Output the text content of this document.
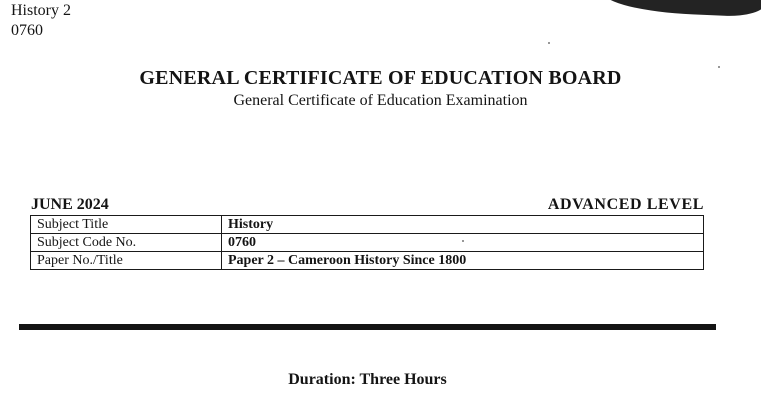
History 2
0760
GENERAL CERTIFICATE OF EDUCATION BOARD
General Certificate of Education Examination
JUNE 2024	ADVANCED LEVEL
Subject Title	History
Subject Code No.	0760
Paper No./Title	Paper 2 – Cameroon History Since 1800
Duration: Three Hours
